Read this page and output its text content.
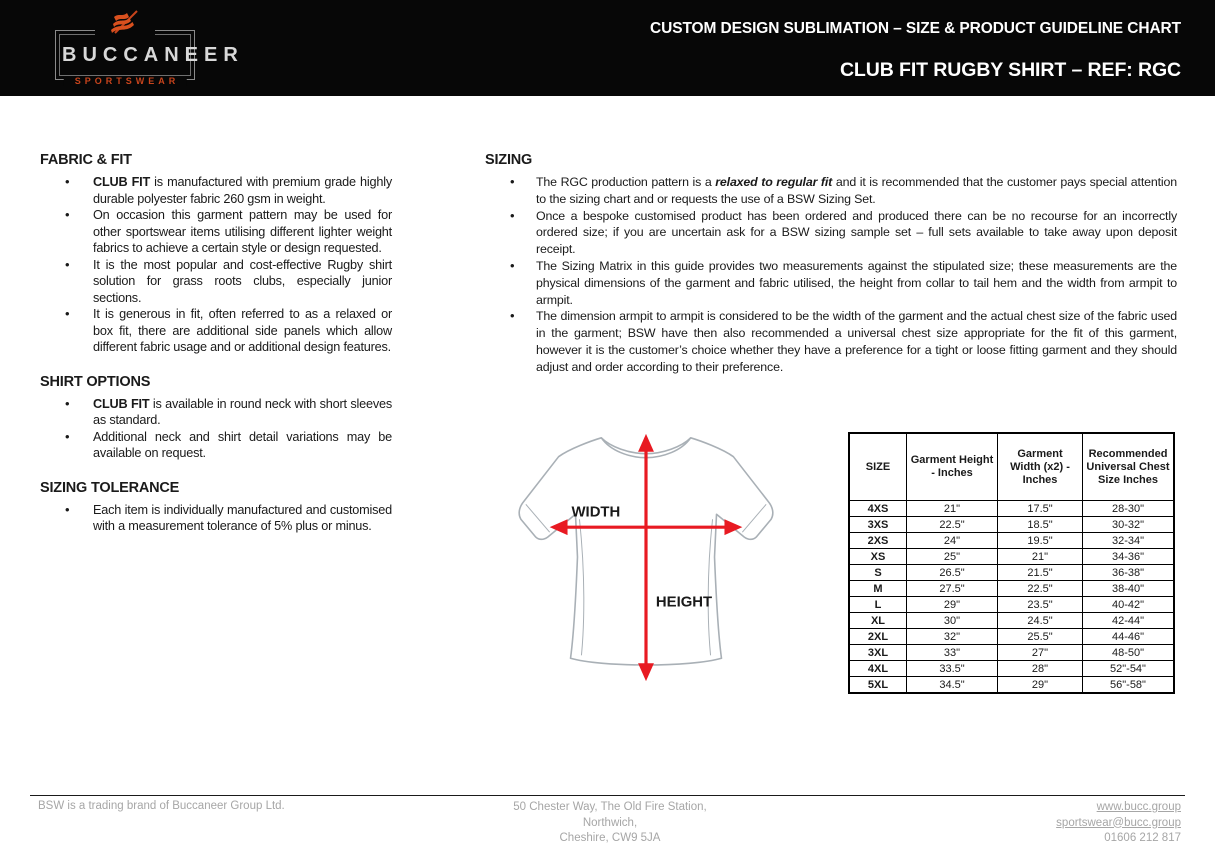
BUCCANEER
SPORTSWEAR
CUSTOM DESIGN SUBLIMATION – SIZE & PRODUCT GUIDELINE CHART
CLUB FIT RUGBY SHIRT – REF: RGC
FABRIC & FIT
• CLUB FIT is manufactured with premium grade highly durable polyester fabric 260 gsm in weight.
• On occasion this garment pattern may be used for other sportswear items utilising different lighter weight fabrics to achieve a certain style or design requested.
• It is the most popular and cost-effective Rugby shirt solution for grass roots clubs, especially junior sections.
• It is generous in fit, often referred to as a relaxed or box fit, there are additional side panels which allow different fabric usage and or additional design features.
SHIRT OPTIONS
• CLUB FIT is available in round neck with short sleeves as standard.
• Additional neck and shirt detail variations may be available on request.
SIZING TOLERANCE
• Each item is individually manufactured and customised with a measurement tolerance of 5% plus or minus.
SIZING
• The RGC production pattern is a relaxed to regular fit and it is recommended that the customer pays special attention to the sizing chart and or requests the use of a BSW Sizing Set.
• Once a bespoke customised product has been ordered and produced there can be no recourse for an incorrectly ordered size; if you are uncertain ask for a BSW sizing sample set – full sets available to take away upon deposit receipt.
• The Sizing Matrix in this guide provides two measurements against the stipulated size; these measurements are the physical dimensions of the garment and fabric utilised, the height from collar to tail hem and the width from armpit to armpit.
• The dimension armpit to armpit is considered to be the width of the garment and the actual chest size of the fabric used in the garment; BSW have then also recommended a universal chest size appropriate for the fit of this garment, however it is the customer’s choice whether they have a preference for a tight or loose fitting garment and they should adjust and order according to their preference.
WIDTH
HEIGHT
SIZE	Garment Height - Inches	Garment Width (x2) - Inches	Recommended Universal Chest Size Inches
4XS	21"	17.5"	28-30"
3XS	22.5"	18.5"	30-32"
2XS	24"	19.5"	32-34"
XS	25"	21"	34-36"
S	26.5"	21.5"	36-38"
M	27.5"	22.5"	38-40"
L	29"	23.5"	40-42"
XL	30"	24.5"	42-44"
2XL	32"	25.5"	44-46"
3XL	33"	27"	48-50"
4XL	33.5"	28"	52"-54"
5XL	34.5"	29"	56"-58"
BSW is a trading brand of Buccaneer Group Ltd.	50 Chester Way, The Old Fire Station,
Northwich,
Cheshire, CW9 5JA
www.bucc.group
sportswear@bucc.group
01606 212 817
